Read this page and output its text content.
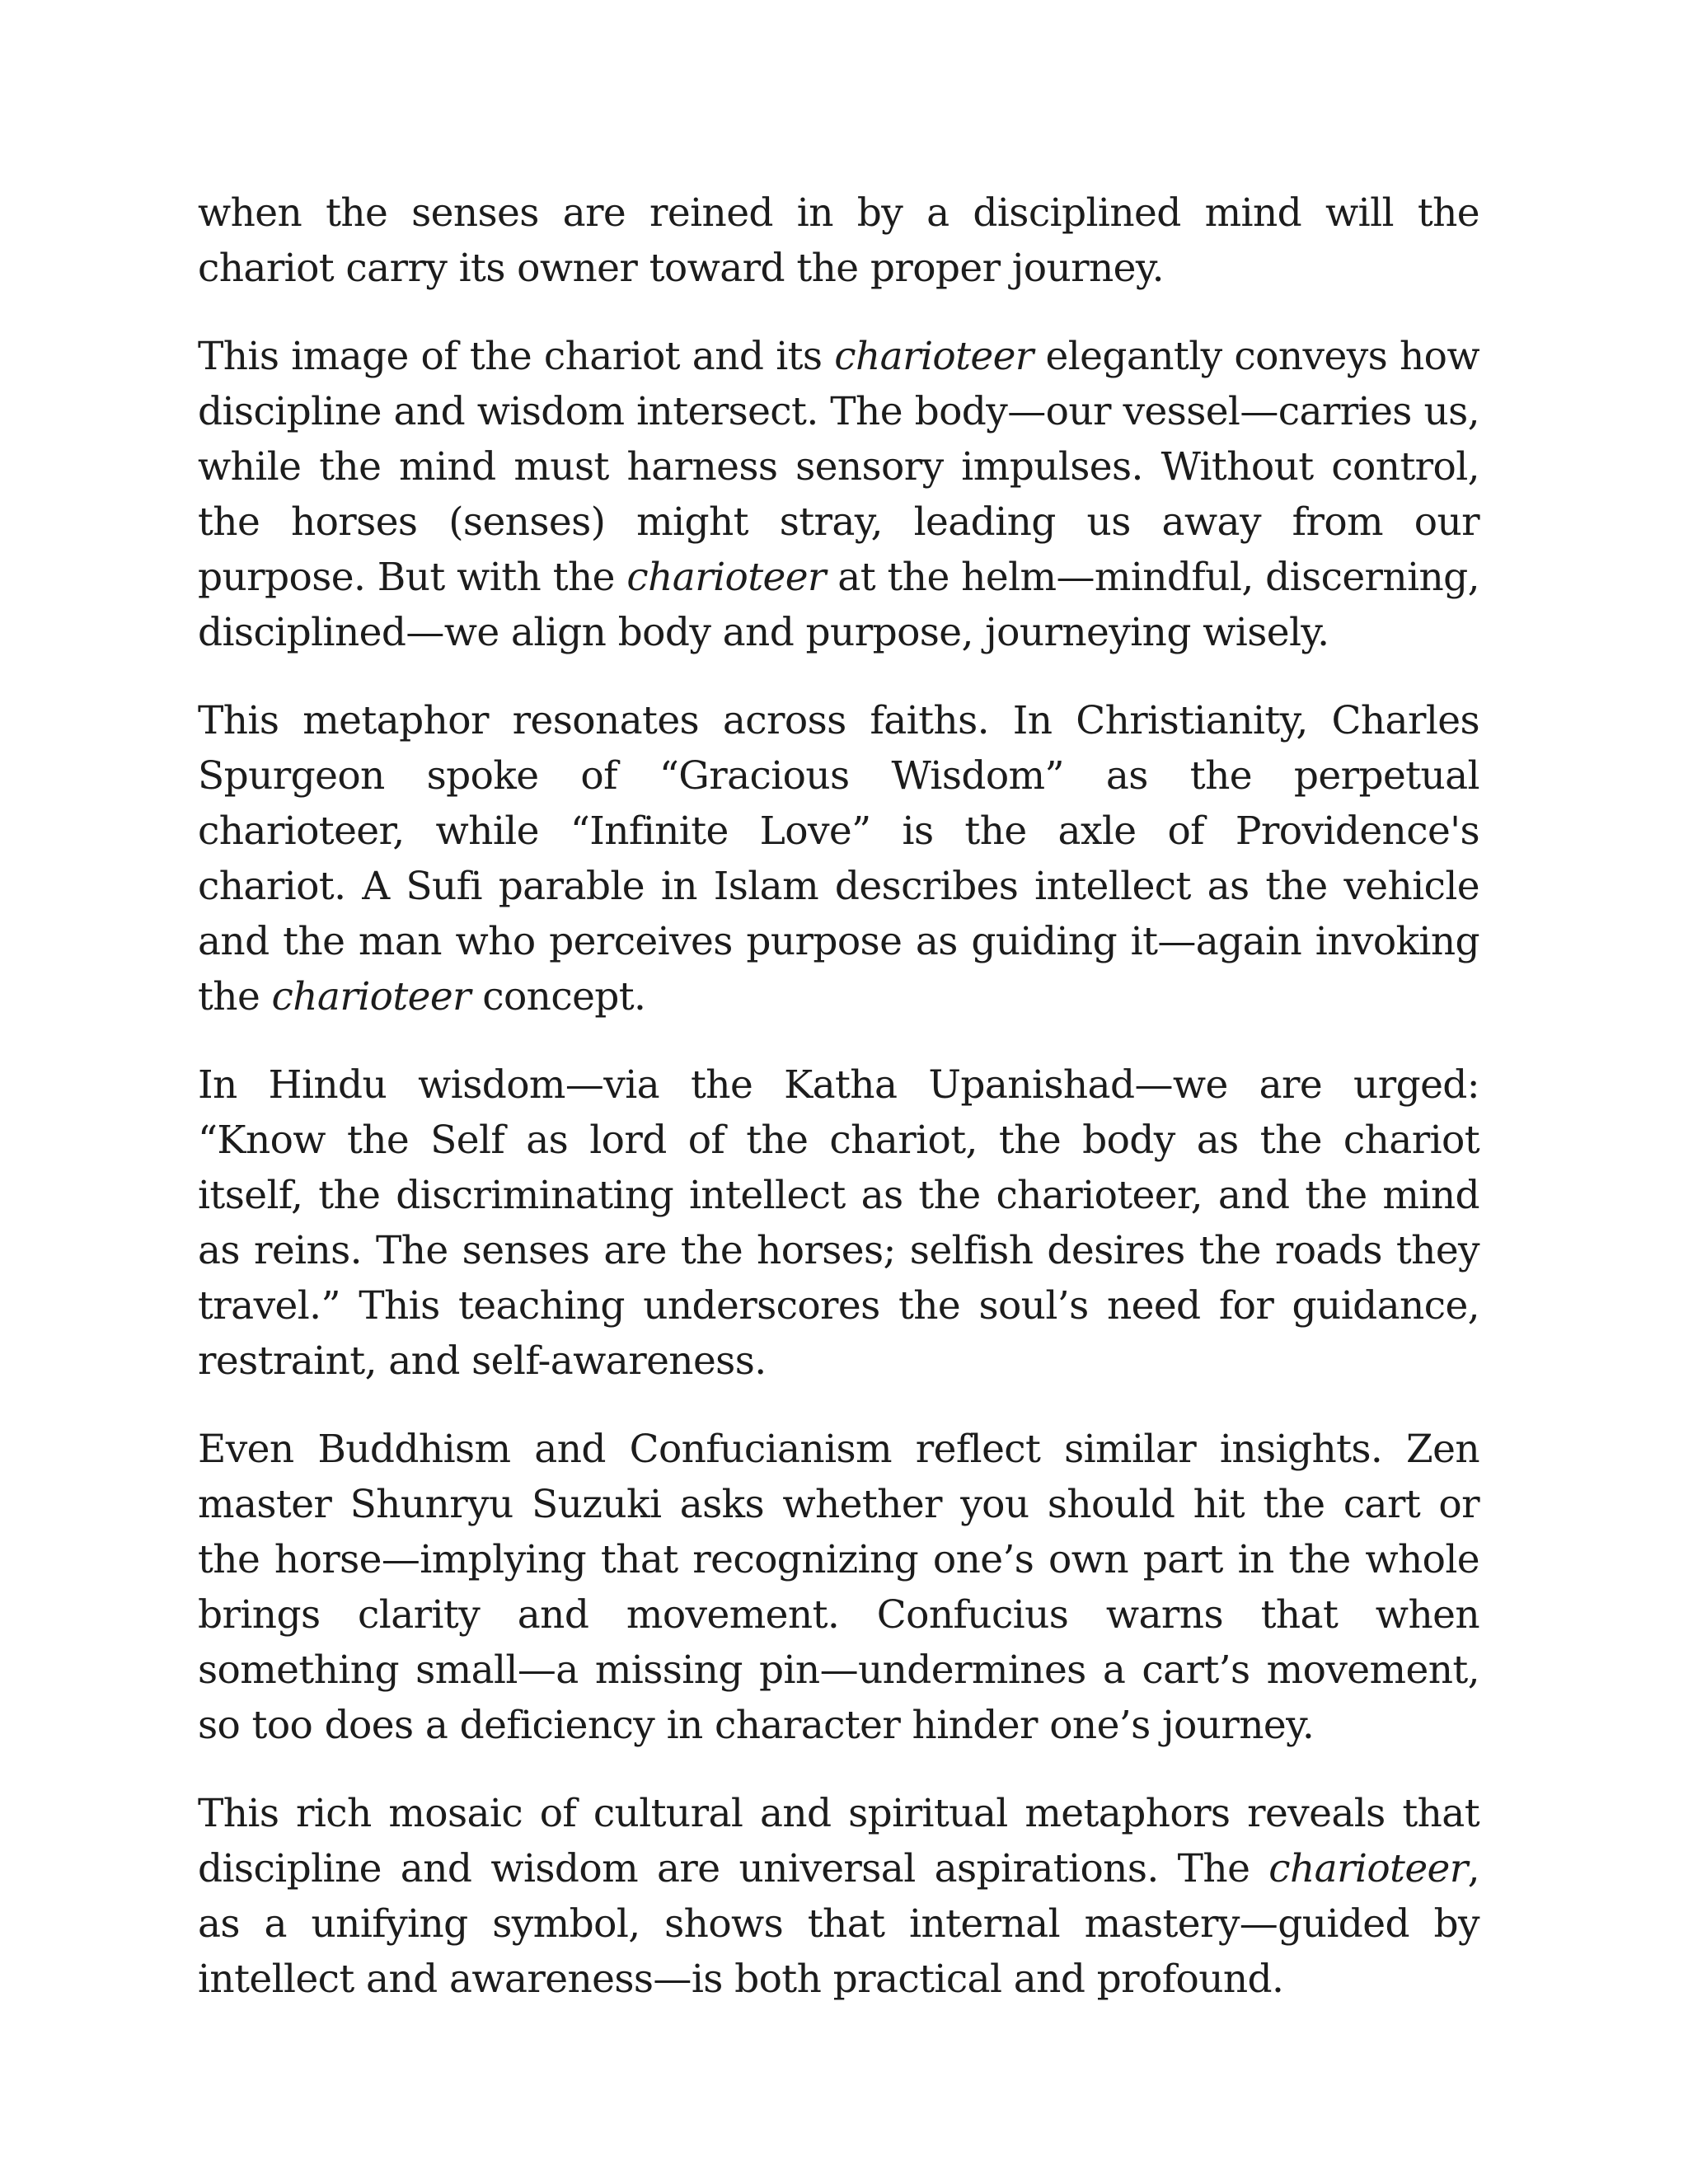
when the senses are reined in by a disciplined mind will the chariot carry its owner toward the proper journey.

This image of the chariot and its charioteer elegantly conveys how discipline and wisdom intersect. The body—our vessel—carries us, while the mind must harness sensory impulses. Without control, the horses (senses) might stray, leading us away from our purpose. But with the charioteer at the helm—mindful, discerning, disciplined—we align body and purpose, journeying wisely.

This metaphor resonates across faiths. In Christianity, Charles Spurgeon spoke of “Gracious Wisdom” as the perpetual charioteer, while “Infinite Love” is the axle of Providence's chariot. A Sufi parable in Islam describes intellect as the vehicle and the man who perceives purpose as guiding it—again invoking the charioteer concept.

In Hindu wisdom—via the Katha Upanishad—we are urged: “Know the Self as lord of the chariot, the body as the chariot itself, the discriminating intellect as the charioteer, and the mind as reins. The senses are the horses; selfish desires the roads they travel.” This teaching underscores the soul’s need for guidance, restraint, and self-awareness.

Even Buddhism and Confucianism reflect similar insights. Zen master Shunryu Suzuki asks whether you should hit the cart or the horse—implying that recognizing one’s own part in the whole brings clarity and movement. Confucius warns that when something small—a missing pin—undermines a cart’s movement, so too does a deficiency in character hinder one’s journey.

This rich mosaic of cultural and spiritual metaphors reveals that discipline and wisdom are universal aspirations. The charioteer, as a unifying symbol, shows that internal mastery—guided by intellect and awareness—is both practical and profound.
